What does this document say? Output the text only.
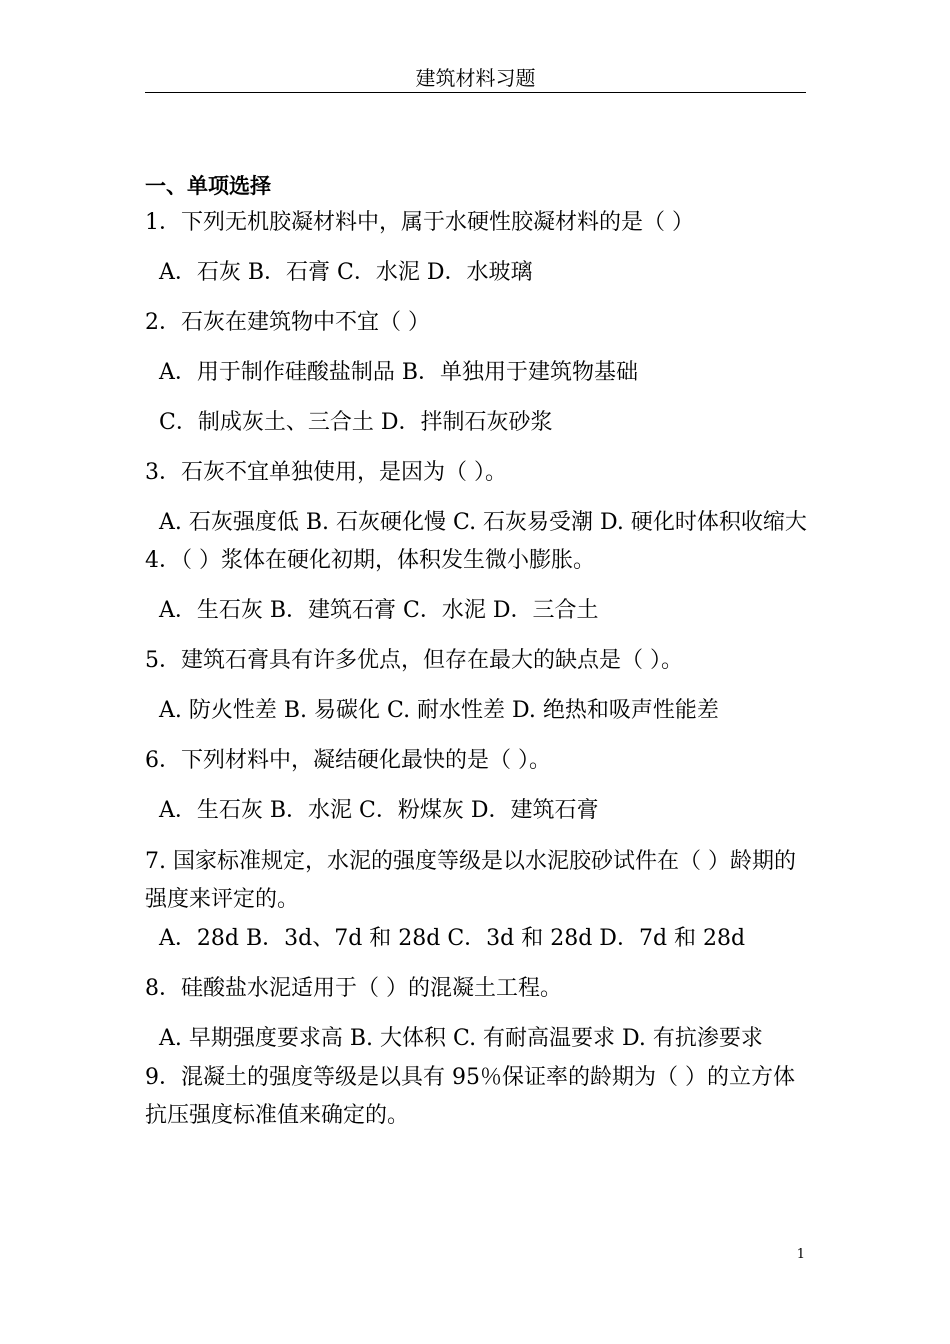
建筑材料习题
一、单项选择
1．下列无机胶凝材料中，属于水硬性胶凝材料的是（ ）
A．石灰 B．石膏 C．水泥 D．水玻璃
2．石灰在建筑物中不宜（ ）
A．用于制作硅酸盐制品 B．单独用于建筑物基础
C．制成灰土、三合土 D．拌制石灰砂浆
3．石灰不宜单独使用，是因为（ ）。
A. 石灰强度低 B. 石灰硬化慢 C. 石灰易受潮 D. 硬化时体积收缩大
4．（ ）浆体在硬化初期，体积发生微小膨胀。
A．生石灰 B．建筑石膏 C．水泥 D．三合土
5．建筑石膏具有许多优点，但存在最大的缺点是（ ）。
A. 防火性差 B. 易碳化 C. 耐水性差 D. 绝热和吸声性能差
6．下列材料中，凝结硬化最快的是（ ）。
A．生石灰 B．水泥 C．粉煤灰 D．建筑石膏
7. 国家标准规定，水泥的强度等级是以水泥胶砂试件在（ ）龄期的强度来评定的。
A．28d B．3d、7d 和 28d C．3d 和 28d D．7d 和 28d
8．硅酸盐水泥适用于（ ）的混凝土工程。
A. 早期强度要求高 B. 大体积 C. 有耐高温要求 D. 有抗渗要求
9．混凝土的强度等级是以具有 95％保证率的龄期为（ ）的立方体抗压强度标准值来确定的。
1
